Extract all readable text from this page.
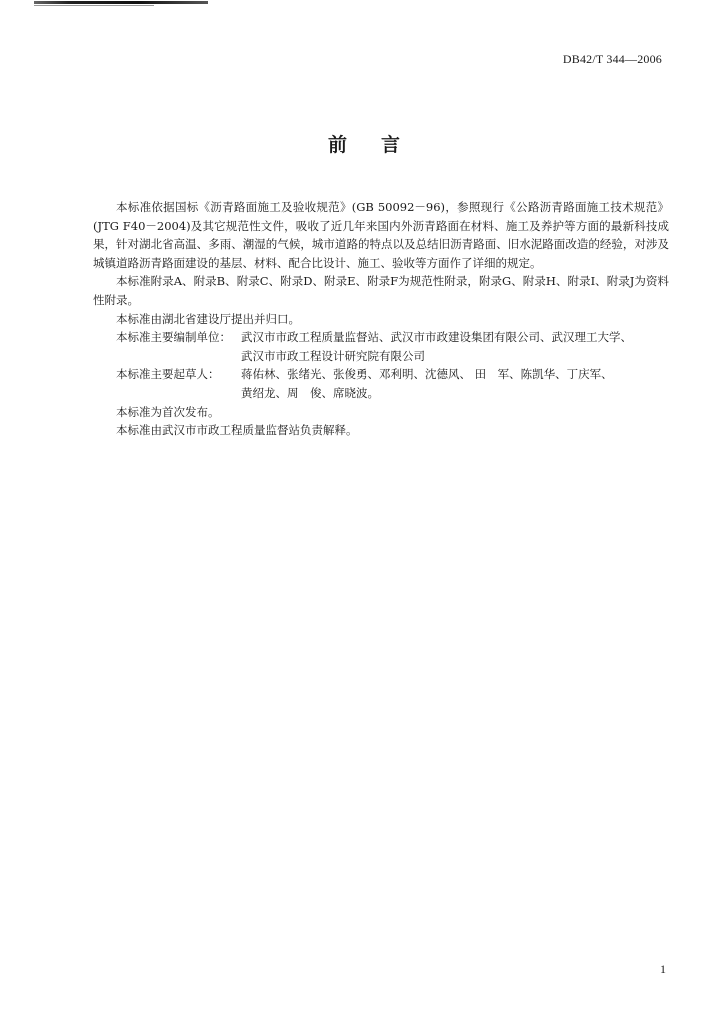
DB42/T 344—2006
前 言

本标准依据国标《沥青路面施工及验收规范》(GB 50092－96)，参照现行《公路沥青路面施工技术规范》(JTG F40－2004)及其它规范性文件，吸收了近几年来国内外沥青路面在材料、施工及养护等方面的最新科技成果，针对湖北省高温、多雨、潮湿的气候，城市道路的特点以及总结旧沥青路面、旧水泥路面改造的经验，对涉及城镇道路沥青路面建设的基层、材料、配合比设计、施工、验收等方面作了详细的规定。

本标准附录A、附录B、附录C、附录D、附录E、附录F为规范性附录，附录G、附录H、附录I、附录J为资料性附录。

本标准由湖北省建设厅提出并归口。

本标准主要编制单位： 武汉市市政工程质量监督站、武汉市市政建设集团有限公司、武汉理工大学、
武汉市市政工程设计研究院有限公司
本标准主要起草人：	蒋佑林、张绪光、张俊勇、邓利明、沈德风、 田　军、陈凯华、丁庆军、
黄绍龙、周　俊、席晓波。

本标准为首次发布。

本标准由武汉市市政工程质量监督站负责解释。

1
